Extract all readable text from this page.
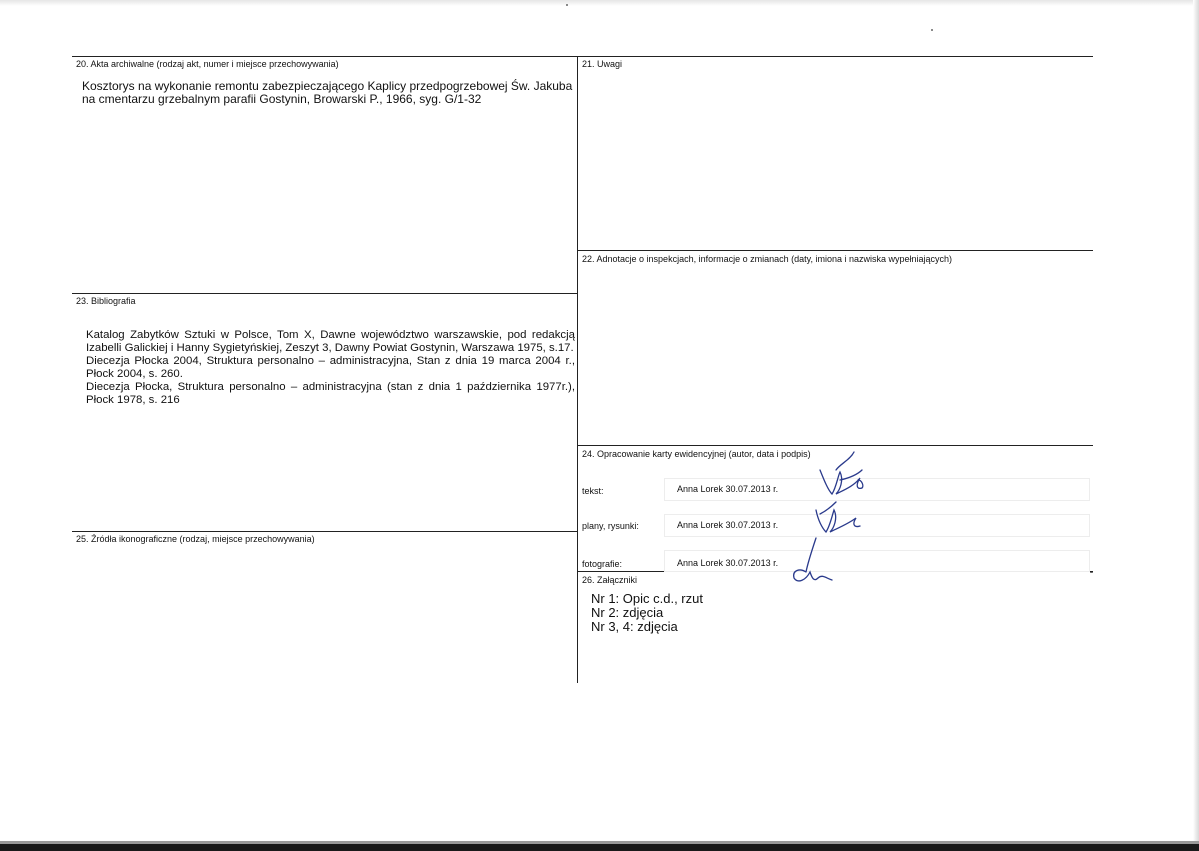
20. Akta archiwalne (rodzaj akt, numer i miejsce przechowywania)
Kosztorys na wykonanie remontu zabezpieczającego Kaplicy przedpogrzebowej Św. Jakuba
na cmentarzu grzebalnym parafii Gostynin, Browarski P., 1966, syg. G/1-32
21. Uwagi
22. Adnotacje o inspekcjach, informacje o zmianach (daty, imiona i nazwiska wypełniających)
23. Bibliografia

Katalog Zabytków Sztuki w Polsce, Tom X, Dawne województwo warszawskie, pod redakcją Izabelli Galickiej i Hanny Sygietyńskiej, Zeszyt 3, Dawny Powiat Gostynin, Warszawa 1975, s.17.

Diecezja Płocka 2004, Struktura personalno – administracyjna, Stan z dnia 19 marca 2004 r., Płock 2004, s. 260.

Diecezja Płocka, Struktura personalno – administracyjna (stan z dnia 1 października 1977r.), Płock 1978, s. 216

24. Opracowanie karty ewidencyjnej (autor, data i podpis)
tekst:	Anna Lorek 30.07.2013 r.
plany, rysunki:	Anna Lorek 30.07.2013 r.
fotografie:	Anna Lorek 30.07.2013 r.
25. Źródła ikonograficzne (rodzaj, miejsce przechowywania)
26. Załączniki
Nr 1: Opic c.d., rzut
Nr 2: zdjęcia
Nr 3, 4: zdjęcia
